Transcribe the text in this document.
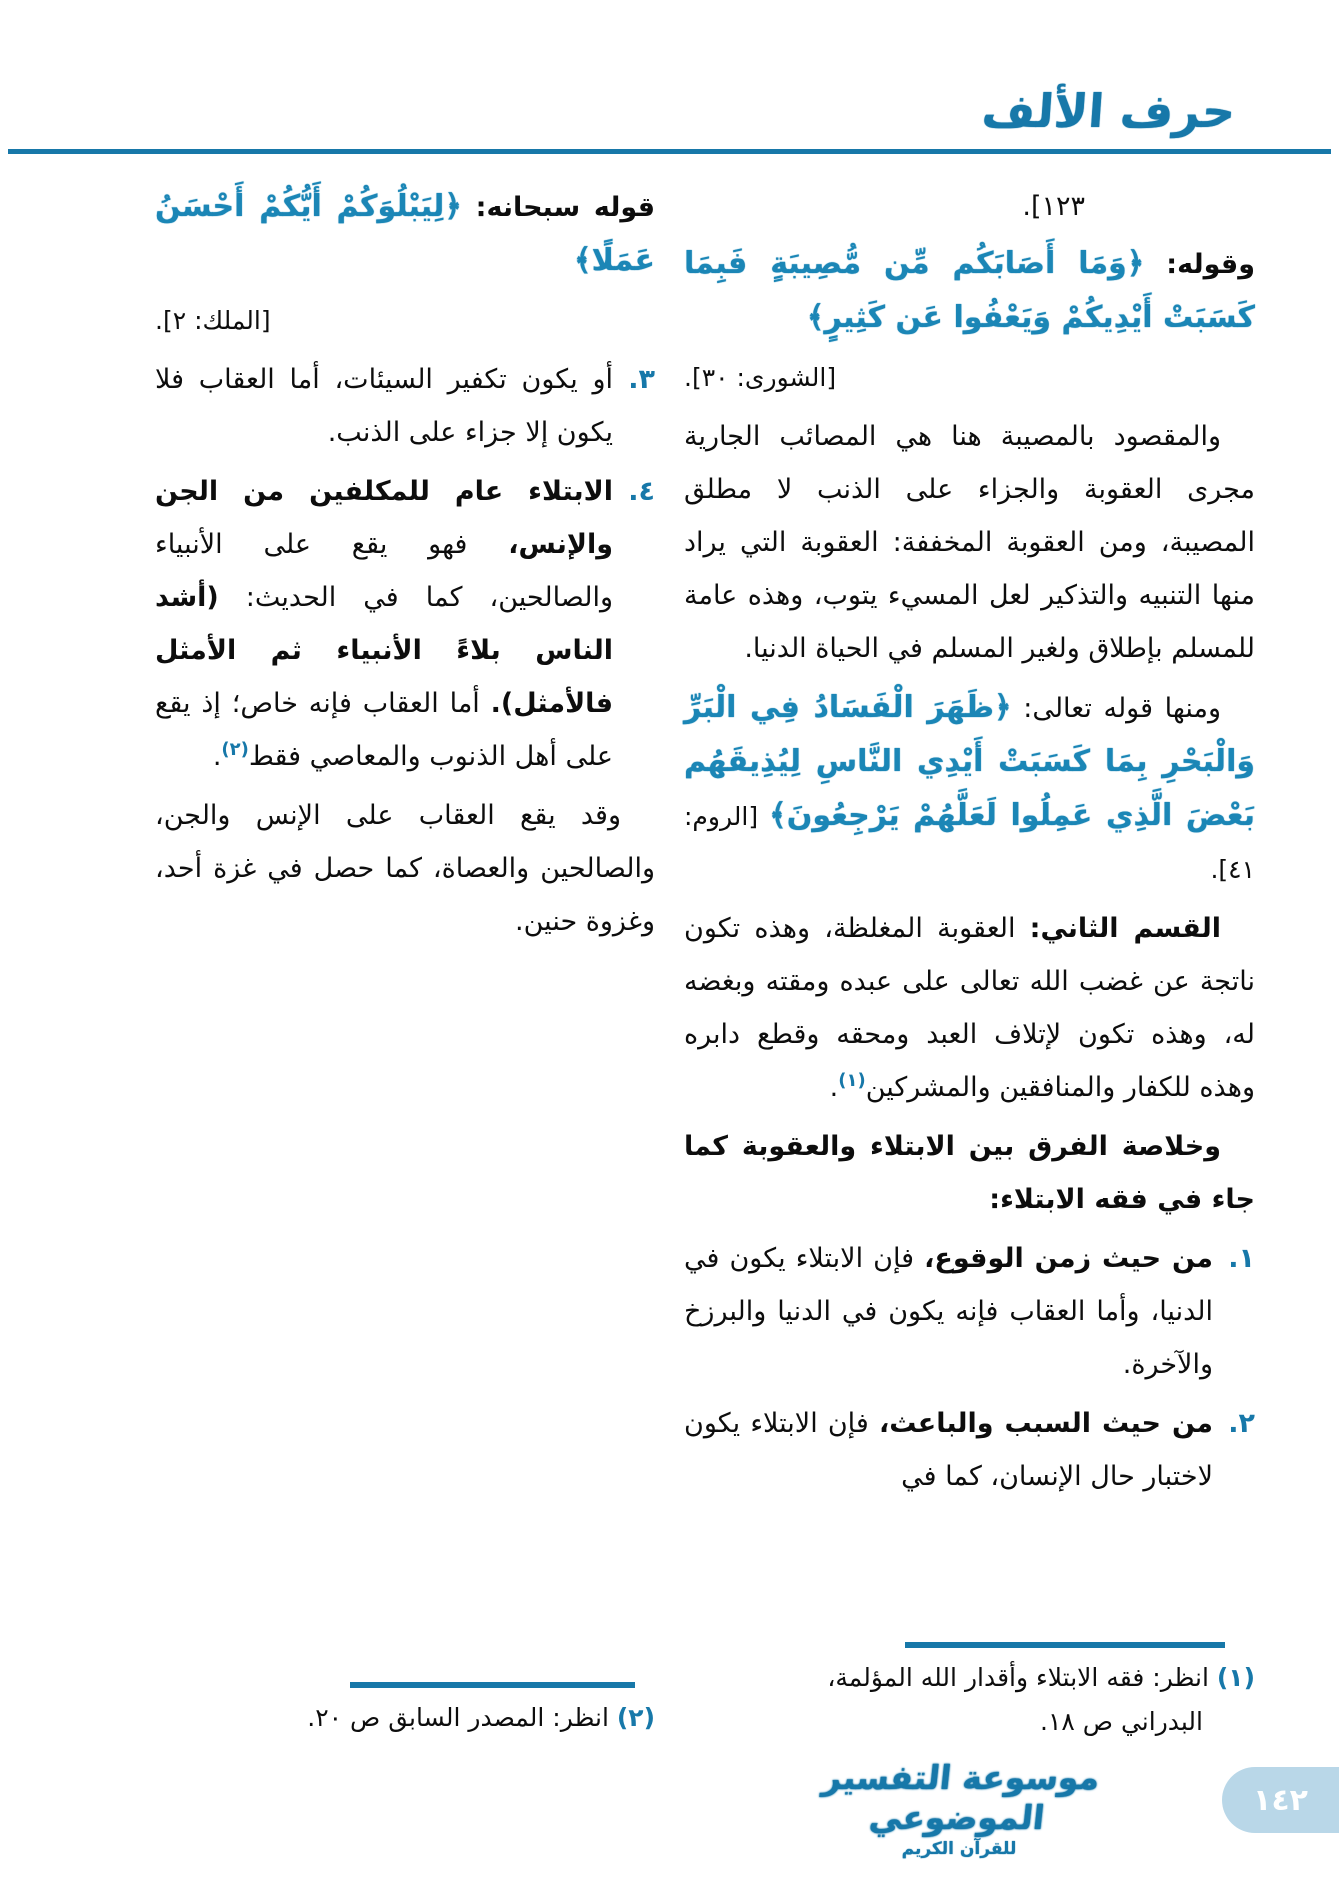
حرف الألف

١٢٣].

وقوله: ﴿وَمَا أَصَابَكُم مِّن مُّصِيبَةٍ فَبِمَا كَسَبَتْ أَيْدِيكُمْ وَيَعْفُوا عَن كَثِيرٍ﴾

[الشورى: ٣٠].

والمقصود بالمصيبة هنا هي المصائب الجارية مجرى العقوبة والجزاء على الذنب لا مطلق المصيبة، ومن العقوبة المخففة: العقوبة التي يراد منها التنبيه والتذكير لعل المسيء يتوب، وهذه عامة للمسلم بإطلاق ولغير المسلم في الحياة الدنيا.

ومنها قوله تعالى: ﴿ظَهَرَ الْفَسَادُ فِي الْبَرِّ وَالْبَحْرِ بِمَا كَسَبَتْ أَيْدِي النَّاسِ لِيُذِيقَهُم بَعْضَ الَّذِي عَمِلُوا لَعَلَّهُمْ يَرْجِعُونَ﴾ [الروم: ٤١].

القسم الثاني: العقوبة المغلظة، وهذه تكون ناتجة عن غضب الله تعالى على عبده ومقته وبغضه له، وهذه تكون لإتلاف العبد ومحقه وقطع دابره وهذه للكفار والمنافقين والمشركين$^{(١)}$.

وخلاصة الفرق بين الابتلاء والعقوبة كما جاء في فقه الابتلاء:

١.
من حيث زمن الوقوع، فإن الابتلاء يكون في الدنيا، وأما العقاب فإنه يكون في الدنيا والبرزخ والآخرة.
٢.
من حيث السبب والباعث، فإن الابتلاء يكون لاختبار حال الإنسان، كما في

قوله سبحانه: ﴿لِيَبْلُوَكُمْ أَيُّكُمْ أَحْسَنُ عَمَلًا﴾

[الملك: ٢].

٣.
أو يكون تكفير السيئات، أما العقاب فلا يكون إلا جزاء على الذنب.
٤.
الابتلاء عام للمكلفين من الجن والإنس، فهو يقع على الأنبياء والصالحين، كما في الحديث: (أشد الناس بلاءً الأنبياء ثم الأمثل فالأمثل). أما العقاب فإنه خاص؛ إذ يقع على أهل الذنوب والمعاصي فقط$^{(٢)}$.

وقد يقع العقاب على الإنس والجن، والصالحين والعصاة، كما حصل في غزة أحد، وغزوة حنين.

(١) انظر: فقه الابتلاء وأقدار الله المؤلمة، البدراني ص ١٨.
(٢) انظر: المصدر السابق ص ٢٠.
موسوعة التفسير الموضوعي
للقرآن الكريم
١٤٢
